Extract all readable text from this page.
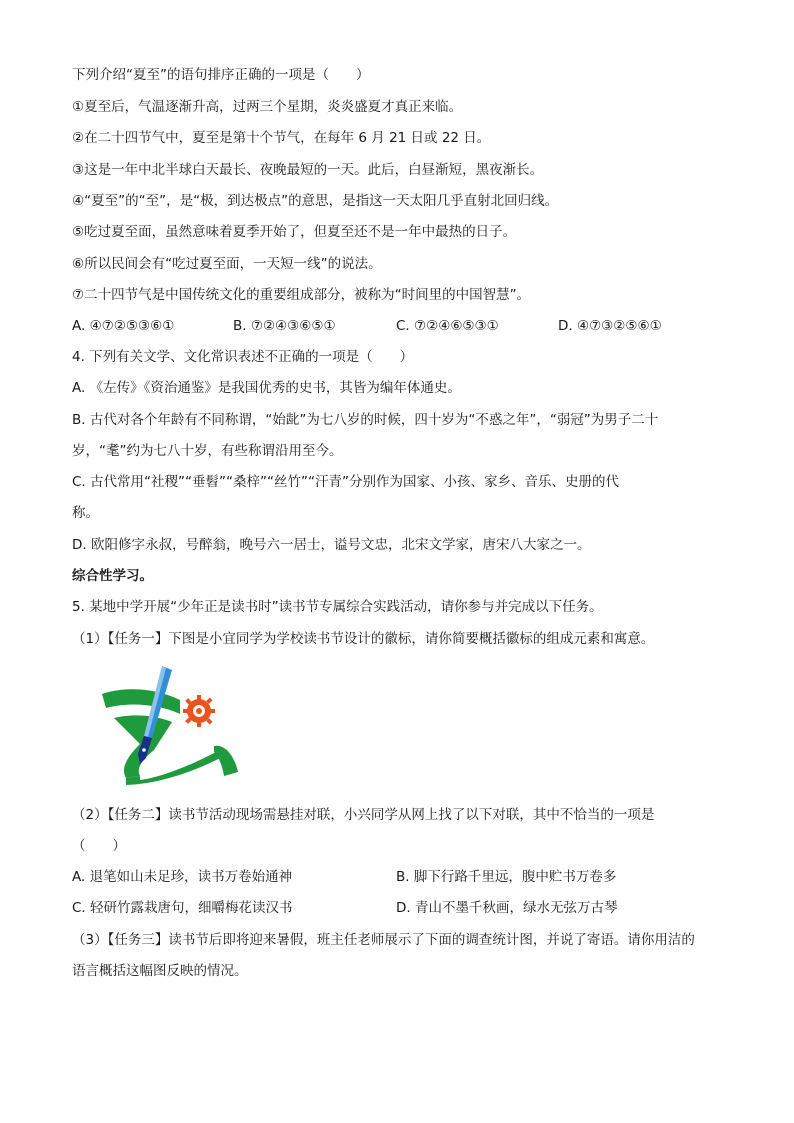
下列介绍“夏至”的语句排序正确的一项是（　　）
①夏至后，气温逐渐升高，过两三个星期，炎炎盛夏才真正来临。
②在二十四节气中，夏至是第十个节气，在每年 6 月 21 日或 22 日。
③这是一年中北半球白天最长、夜晚最短的一天。此后，白昼渐短，黑夜渐长。
④“夏至”的“至”，是“极，到达极点”的意思，是指这一天太阳几乎直射北回归线。
⑤吃过夏至面，虽然意味着夏季开始了，但夏至还不是一年中最热的日子。
⑥所以民间会有“吃过夏至面，一天短一线”的说法。
⑦二十四节气是中国传统文化的重要组成部分，被称为“时间里的中国智慧”。
A. ④⑦②⑤③⑥①	B. ⑦②④③⑥⑤①	C. ⑦②④⑥⑤③①	D. ④⑦③②⑤⑥①
4. 下列有关文学、文化常识表述不正确的一项是（　　）
A. 《左传》《资治通鉴》是我国优秀的史书，其皆为编年体通史。
B. 古代对各个年龄有不同称谓，“始龀”为七八岁的时候，四十岁为“不惑之年”，“弱冠”为男子二十
岁，“耄”约为七八十岁，有些称谓沿用至今。
C. 古代常用“社稷”“垂髫”“桑梓”“丝竹”“汗青”分别作为国家、小孩、家乡、音乐、史册的代
称。
D. 欧阳修字永叔，号醉翁，晚号六一居士，谥号文忠，北宋文学家，唐宋八大家之一。
综合性学习。
5. 某地中学开展“少年正是读书时”读书节专属综合实践活动，请你参与并完成以下任务。
（1）【任务一】下图是小宜同学为学校读书节设计的徽标，请你简要概括徽标的组成元素和寓意。
（2）【任务二】读书节活动现场需悬挂对联，小兴同学从网上找了以下对联，其中不恰当的一项是
（　　）
A. 退笔如山未足珍，读书万卷始通神	B. 脚下行路千里远，腹中贮书万卷多
C. 轻研竹露栽唐句，细嚼梅花读汉书	D. 青山不墨千秋画，绿水无弦万古琴
（3）【任务三】读书节后即将迎来暑假，班主任老师展示了下面的调查统计图，并说了寄语。请你用洁的
语言概括这幅图反映的情况。
